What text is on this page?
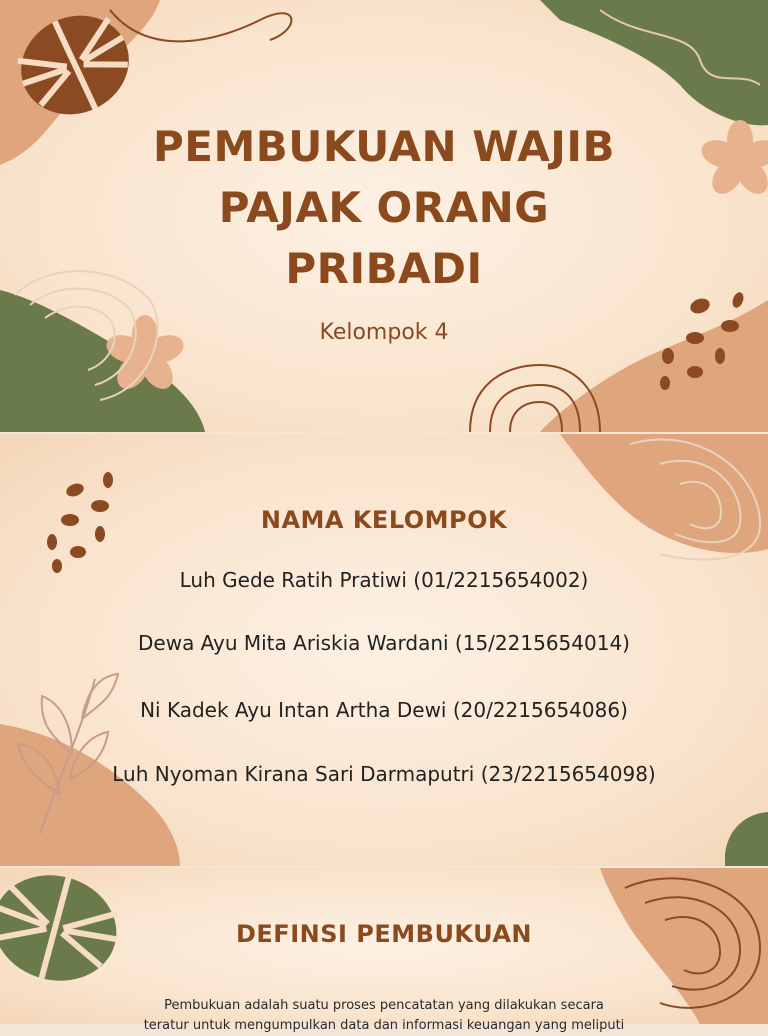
PEMBUKUAN WAJIB
PAJAK ORANG
PRIBADI
Kelompok 4
NAMA KELOMPOK
Luh Gede Ratih Pratiwi (01/2215654002)
Dewa Ayu Mita Ariskia Wardani (15/2215654014)
Ni Kadek Ayu Intan Artha Dewi (20/2215654086)
Luh Nyoman Kirana Sari Darmaputri (23/2215654098)
DEFINSI PEMBUKUAN
Pembukuan adalah suatu proses pencatatan yang dilakukan secara
teratur untuk mengumpulkan data dan informasi keuangan yang meliputi
